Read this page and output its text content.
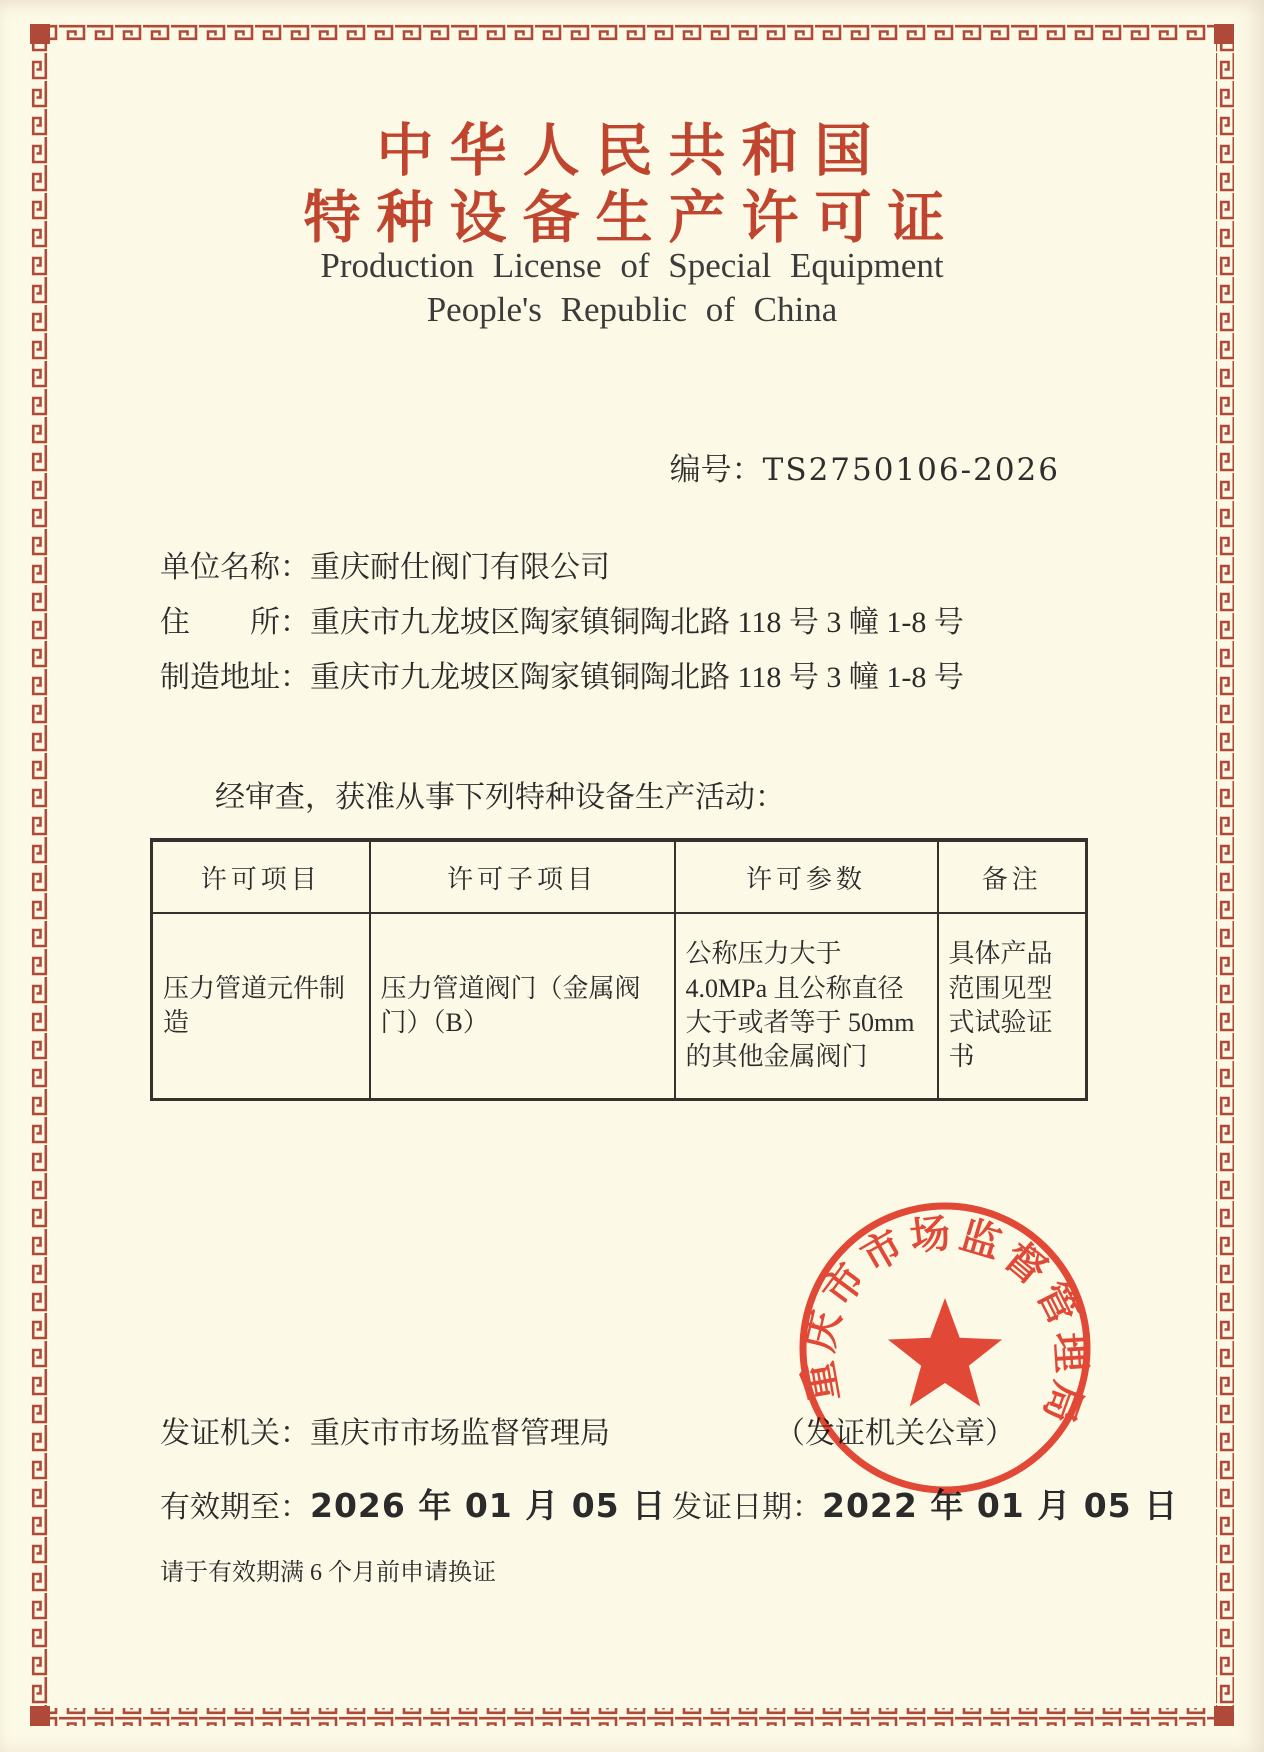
中华人民共和国
特种设备生产许可证
Production License of Special Equipment
People's Republic of China
编号：TS2750106-2026
单位名称：重庆耐仕阀门有限公司
住　　所：重庆市九龙坡区陶家镇铜陶北路 118 号 3 幢 1-8 号
制造地址：重庆市九龙坡区陶家镇铜陶北路 118 号 3 幢 1-8 号
经审查，获准从事下列特种设备生产活动：
许可项目	许可子项目	许可参数	备注
压力管道元件制造	压力管道阀门（金属阀门）（B）	公称压力大于 4.0MPa 且公称直径大于或者等于 50mm 的其他金属阀门	具体产品范围见型式试验证书
发证机关：重庆市市场监督管理局	（发证机关公章）
有效期至：2026 年 01 月 05 日 发证日期：2022 年 01 月 05 日
请于有效期满 6 个月前申请换证
重庆市市场监督管理局
